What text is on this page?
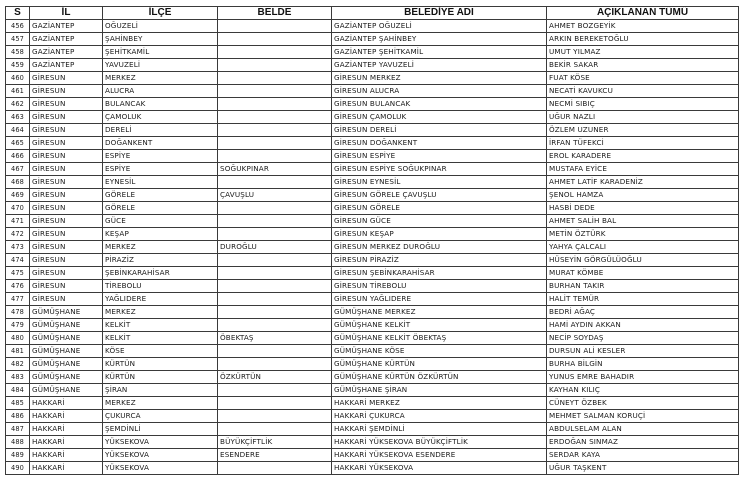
S	İL	İLÇE	BELDE	BELEDİYE ADI	AÇIKLANAN TÜMÜ
456	GAZİANTEP	OĞUZELİ		GAZİANTEP OĞUZELİ	AHMET BOZGEYİK
457	GAZİANTEP	ŞAHİNBEY		GAZİANTEP ŞAHİNBEY	ARKIN BEREKETOĞLU
458	GAZİANTEP	ŞEHİTKAMİL		GAZİANTEP ŞEHİTKAMİL	UMUT YILMAZ
459	GAZİANTEP	YAVUZELİ		GAZİANTEP YAVUZELİ	BEKİR SAKAR
460	GİRESUN	MERKEZ		GİRESUN MERKEZ	FUAT KÖSE
461	GİRESUN	ALUCRA		GİRESUN ALUCRA	NECATİ KAVUKCU
462	GİRESUN	BULANCAK		GİRESUN BULANCAK	NECMİ SIBIÇ
463	GİRESUN	ÇAMOLUK		GİRESUN ÇAMOLUK	UĞUR NAZLI
464	GİRESUN	DERELİ		GİRESUN DERELİ	ÖZLEM UZUNER
465	GİRESUN	DOĞANKENT		GİRESUN DOĞANKENT	İRFAN TÜFEKCİ
466	GİRESUN	ESPİYE		GİRESUN ESPİYE	EROL KARADERE
467	GİRESUN	ESPİYE	SOĞUKPINAR	GİRESUN ESPİYE SOĞUKPINAR	MUSTAFA EYİCE
468	GİRESUN	EYNESİL		GİRESUN EYNESİL	AHMET LATİF KARADENİZ
469	GİRESUN	GÖRELE	ÇAVUŞLU	GİRESUN GÖRELE ÇAVUŞLU	ŞENOL HAMZA
470	GİRESUN	GÖRELE		GİRESUN GÖRELE	HASBİ DEDE
471	GİRESUN	GÜCE		GİRESUN GÜCE	AHMET SALİH BAL
472	GİRESUN	KEŞAP		GİRESUN KEŞAP	METİN ÖZTÜRK
473	GİRESUN	MERKEZ	DUROĞLU	GİRESUN MERKEZ DUROĞLU	YAHYA ÇALCALI
474	GİRESUN	PİRAZİZ		GİRESUN PİRAZİZ	HÜSEYİN GÖRGÜLÜOĞLU
475	GİRESUN	ŞEBİNKARAHİSAR		GİRESUN ŞEBİNKARAHİSAR	MURAT KÖMBE
476	GİRESUN	TİREBOLU		GİRESUN TİREBOLU	BURHAN TAKIR
477	GİRESUN	YAĞLIDERE		GİRESUN YAĞLIDERE	HALİT TEMÜR
478	GÜMÜŞHANE	MERKEZ		GÜMÜŞHANE MERKEZ	BEDRİ AĞAÇ
479	GÜMÜŞHANE	KELKİT		GÜMÜŞHANE KELKİT	HAMİ AYDIN AKKAN
480	GÜMÜŞHANE	KELKİT	ÖBEKTAŞ	GÜMÜŞHANE KELKİT ÖBEKTAŞ	NECİP SOYDAŞ
481	GÜMÜŞHANE	KÖSE		GÜMÜŞHANE KÖSE	DURSUN ALİ KESLER
482	GÜMÜŞHANE	KÜRTÜN		GÜMÜŞHANE KÜRTÜN	BURHA BİLGİN
483	GÜMÜŞHANE	KÜRTÜN	ÖZKÜRTÜN	GÜMÜŞHANE KÜRTÜN ÖZKÜRTÜN	YUNUS EMRE BAHADIR
484	GÜMÜŞHANE	ŞİRAN		GÜMÜŞHANE ŞİRAN	KAYHAN KILIÇ
485	HAKKARİ	MERKEZ		HAKKARİ MERKEZ	CÜNEYT ÖZBEK
486	HAKKARİ	ÇUKURCA		HAKKARİ ÇUKURCA	MEHMET SALMAN KORUÇİ
487	HAKKARİ	ŞEMDİNLİ		HAKKARİ ŞEMDİNLİ	ABDULSELAM ALAN
488	HAKKARİ	YÜKSEKOVA	BÜYÜKÇİFTLİK	HAKKARİ YÜKSEKOVA BÜYÜKÇİFTLİK	ERDOĞAN SINMAZ
489	HAKKARİ	YÜKSEKOVA	ESENDERE	HAKKARİ YÜKSEKOVA ESENDERE	SERDAR KAYA
490	HAKKARİ	YÜKSEKOVA		HAKKARİ YÜKSEKOVA	UĞUR TAŞKENT
